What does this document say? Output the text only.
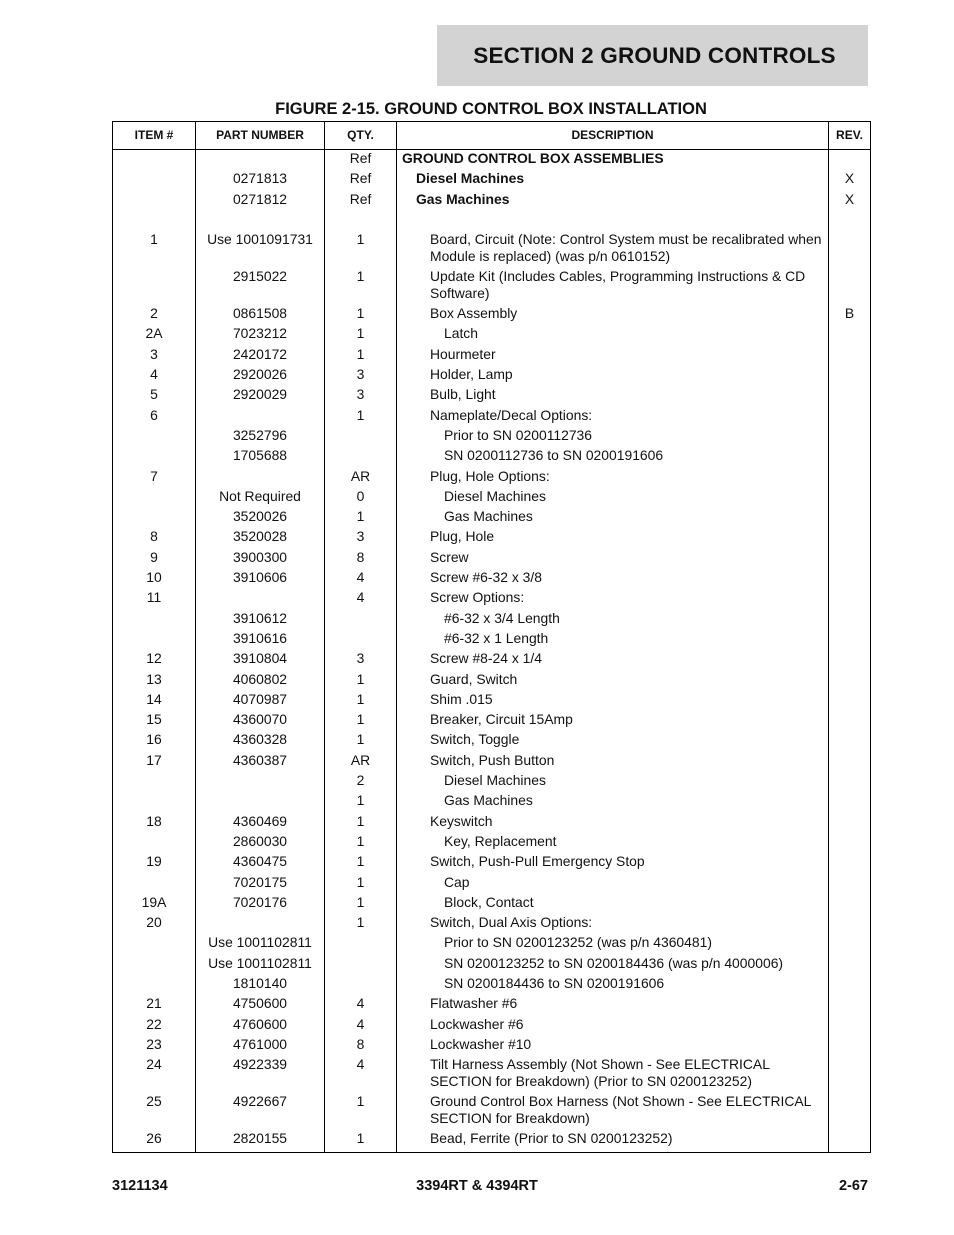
SECTION 2 GROUND CONTROLS
FIGURE 2-15. GROUND CONTROL BOX INSTALLATION
ITEM #	PART NUMBER	QTY.	DESCRIPTION	REV.
		Ref	GROUND CONTROL BOX ASSEMBLIES	
	0271813	Ref	Diesel Machines	X
	0271812	Ref	Gas Machines	X

1	Use 1001091731	1	Board, Circuit (Note: Control System must be recalibrated when Module is replaced) (was p/n 0610152)	
	2915022	1	Update Kit (Includes Cables, Programming Instructions & CD Software)	
2	0861508	1	Box Assembly	B
2A	7023212	1	Latch	
3	2420172	1	Hourmeter	
4	2920026	3	Holder, Lamp	
5	2920029	3	Bulb, Light	
6		1	Nameplate/Decal Options:	
	3252796		Prior to SN 0200112736	
	1705688		SN 0200112736 to SN 0200191606	
7		AR	Plug, Hole Options:	
	Not Required	0	Diesel Machines	
	3520026	1	Gas Machines	
8	3520028	3	Plug, Hole	
9	3900300	8	Screw	
10	3910606	4	Screw #6-32 x 3/8	
11		4	Screw Options:	
	3910612		#6-32 x 3/4 Length	
	3910616		#6-32 x 1 Length	
12	3910804	3	Screw #8-24 x 1/4	
13	4060802	1	Guard, Switch	
14	4070987	1	Shim .015	
15	4360070	1	Breaker, Circuit 15Amp	
16	4360328	1	Switch, Toggle	
17	4360387	AR	Switch, Push Button	
		2	Diesel Machines	
		1	Gas Machines	
18	4360469	1	Keyswitch	
	2860030	1	Key, Replacement	
19	4360475	1	Switch, Push-Pull Emergency Stop	
	7020175	1	Cap	
19A	7020176	1	Block, Contact	
20		1	Switch, Dual Axis Options:	
	Use 1001102811		Prior to SN 0200123252 (was p/n 4360481)	
	Use 1001102811		SN 0200123252 to SN 0200184436 (was p/n 4000006)	
	1810140		SN 0200184436 to SN 0200191606	
21	4750600	4	Flatwasher #6	
22	4760600	4	Lockwasher #6	
23	4761000	8	Lockwasher #10	
24	4922339	4	Tilt Harness Assembly (Not Shown - See ELECTRICAL SECTION for Breakdown) (Prior to SN 0200123252)	
25	4922667	1	Ground Control Box Harness (Not Shown - See ELECTRICAL SECTION for Breakdown)	
26	2820155	1	Bead, Ferrite (Prior to SN 0200123252)	
3121134	3394RT & 4394RT	2-67
